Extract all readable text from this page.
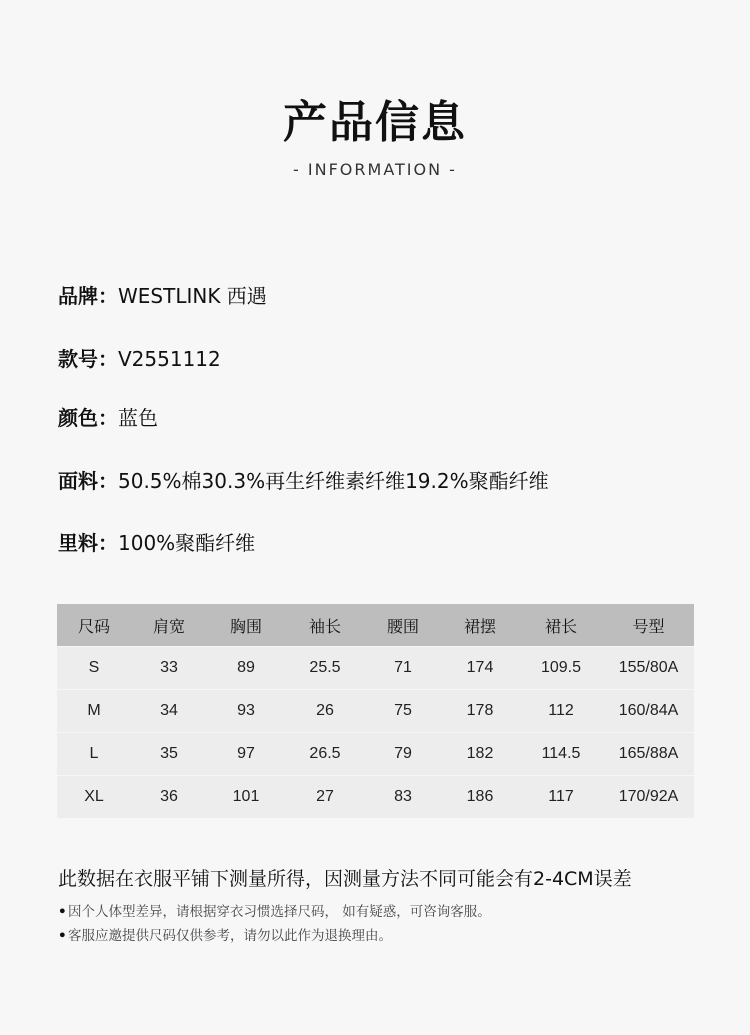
产品信息
- INFORMATION -
品牌：WESTLINK 西遇
款号：V2551112
颜色：蓝色
面料：50.5%棉30.3%再生纤维素纤维19.2%聚酯纤维
里料：100%聚酯纤维
尺码	肩宽	胸围	袖长	腰围	裙摆	裙长	号型
S	33	89	25.5	71	174	109.5	155/80A
M	34	93	26	75	178	112	160/84A
L	35	97	26.5	79	182	114.5	165/88A
XL	36	101	27	83	186	117	170/92A
此数据在衣服平铺下测量所得，因测量方法不同可能会有2-4CM误差
•因个人体型差异，请根据穿衣习惯选择尺码， 如有疑惑，可咨询客服。
•客服应邀提供尺码仅供参考，请勿以此作为退换理由。
